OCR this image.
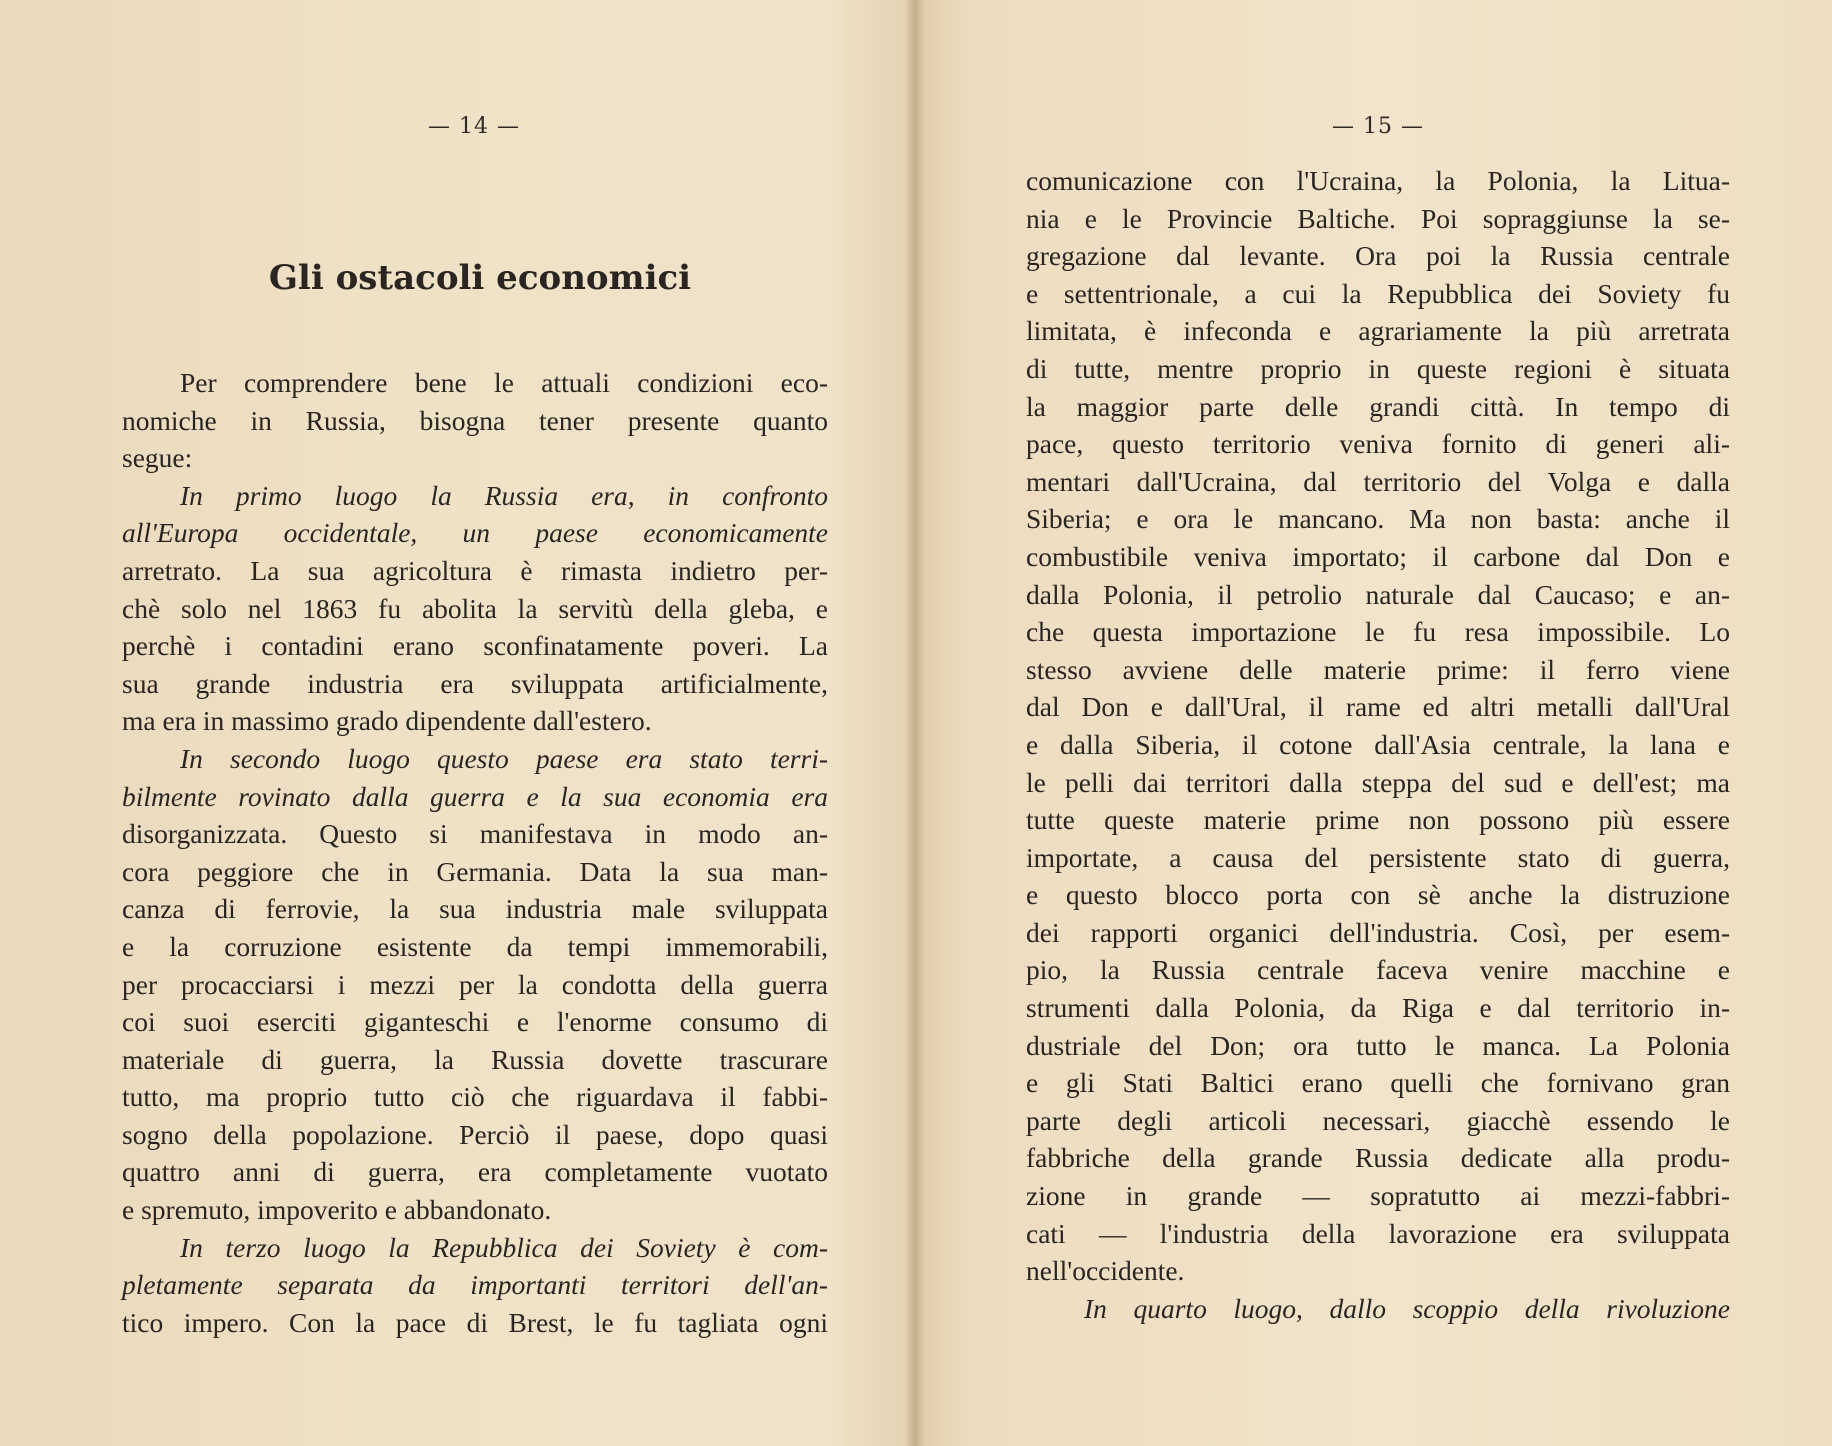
— 14 —
Gli ostacoli economici
Per comprendere bene le attuali condizioni eco-
nomiche in Russia, bisogna tener presente quanto
segue:
In primo luogo la Russia era, in confronto
all'Europa occidentale, un paese economicamente
arretrato. La sua agricoltura è rimasta indietro per-
chè solo nel 1863 fu abolita la servitù della gleba, e
perchè i contadini erano sconfinatamente poveri. La
sua grande industria era sviluppata artificialmente,
ma era in massimo grado dipendente dall'estero.
In secondo luogo questo paese era stato terri-
bilmente rovinato dalla guerra e la sua economia era
disorganizzata. Questo si manifestava in modo an-
cora peggiore che in Germania. Data la sua man-
canza di ferrovie, la sua industria male sviluppata
e la corruzione esistente da tempi immemorabili,
per procacciarsi i mezzi per la condotta della guerra
coi suoi eserciti giganteschi e l'enorme consumo di
materiale di guerra, la Russia dovette trascurare
tutto, ma proprio tutto ciò che riguardava il fabbi-
sogno della popolazione. Perciò il paese, dopo quasi
quattro anni di guerra, era completamente vuotato
e spremuto, impoverito e abbandonato.
In terzo luogo la Repubblica dei Soviety è com-
pletamente separata da importanti territori dell'an-
tico impero. Con la pace di Brest, le fu tagliata ogni
— 15 —
comunicazione con l'Ucraina, la Polonia, la Litua-
nia e le Provincie Baltiche. Poi sopraggiunse la se-
gregazione dal levante. Ora poi la Russia centrale
e settentrionale, a cui la Repubblica dei Soviety fu
limitata, è infeconda e agrariamente la più arretrata
di tutte, mentre proprio in queste regioni è situata
la maggior parte delle grandi città. In tempo di
pace, questo territorio veniva fornito di generi ali-
mentari dall'Ucraina, dal territorio del Volga e dalla
Siberia; e ora le mancano. Ma non basta: anche il
combustibile veniva importato; il carbone dal Don e
dalla Polonia, il petrolio naturale dal Caucaso; e an-
che questa importazione le fu resa impossibile. Lo
stesso avviene delle materie prime: il ferro viene
dal Don e dall'Ural, il rame ed altri metalli dall'Ural
e dalla Siberia, il cotone dall'Asia centrale, la lana e
le pelli dai territori dalla steppa del sud e dell'est; ma
tutte queste materie prime non possono più essere
importate, a causa del persistente stato di guerra,
e questo blocco porta con sè anche la distruzione
dei rapporti organici dell'industria. Così, per esem-
pio, la Russia centrale faceva venire macchine e
strumenti dalla Polonia, da Riga e dal territorio in-
dustriale del Don; ora tutto le manca. La Polonia
e gli Stati Baltici erano quelli che fornivano gran
parte degli articoli necessari, giacchè essendo le
fabbriche della grande Russia dedicate alla produ-
zione in grande — sopratutto ai mezzi-fabbri-
cati — l'industria della lavorazione era sviluppata
nell'occidente.
In quarto luogo, dallo scoppio della rivoluzione
